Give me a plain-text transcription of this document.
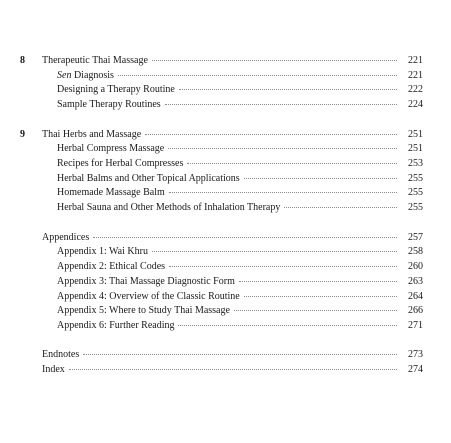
8	Therapeutic Thai Massage	221
Sen Diagnosis	221
Designing a Therapy Routine	222
Sample Therapy Routines	224
9	Thai Herbs and Massage	251
Herbal Compress Massage	251
Recipes for Herbal Compresses	253
Herbal Balms and Other Topical Applications	255
Homemade Massage Balm	255
Herbal Sauna and Other Methods of Inhalation Therapy	255
Appendices	257
Appendix 1: Wai Khru	258
Appendix 2: Ethical Codes	260
Appendix 3: Thai Massage Diagnostic Form	263
Appendix 4: Overview of the Classic Routine	264
Appendix 5: Where to Study Thai Massage	266
Appendix 6: Further Reading	271
Endnotes	273
Index	274
